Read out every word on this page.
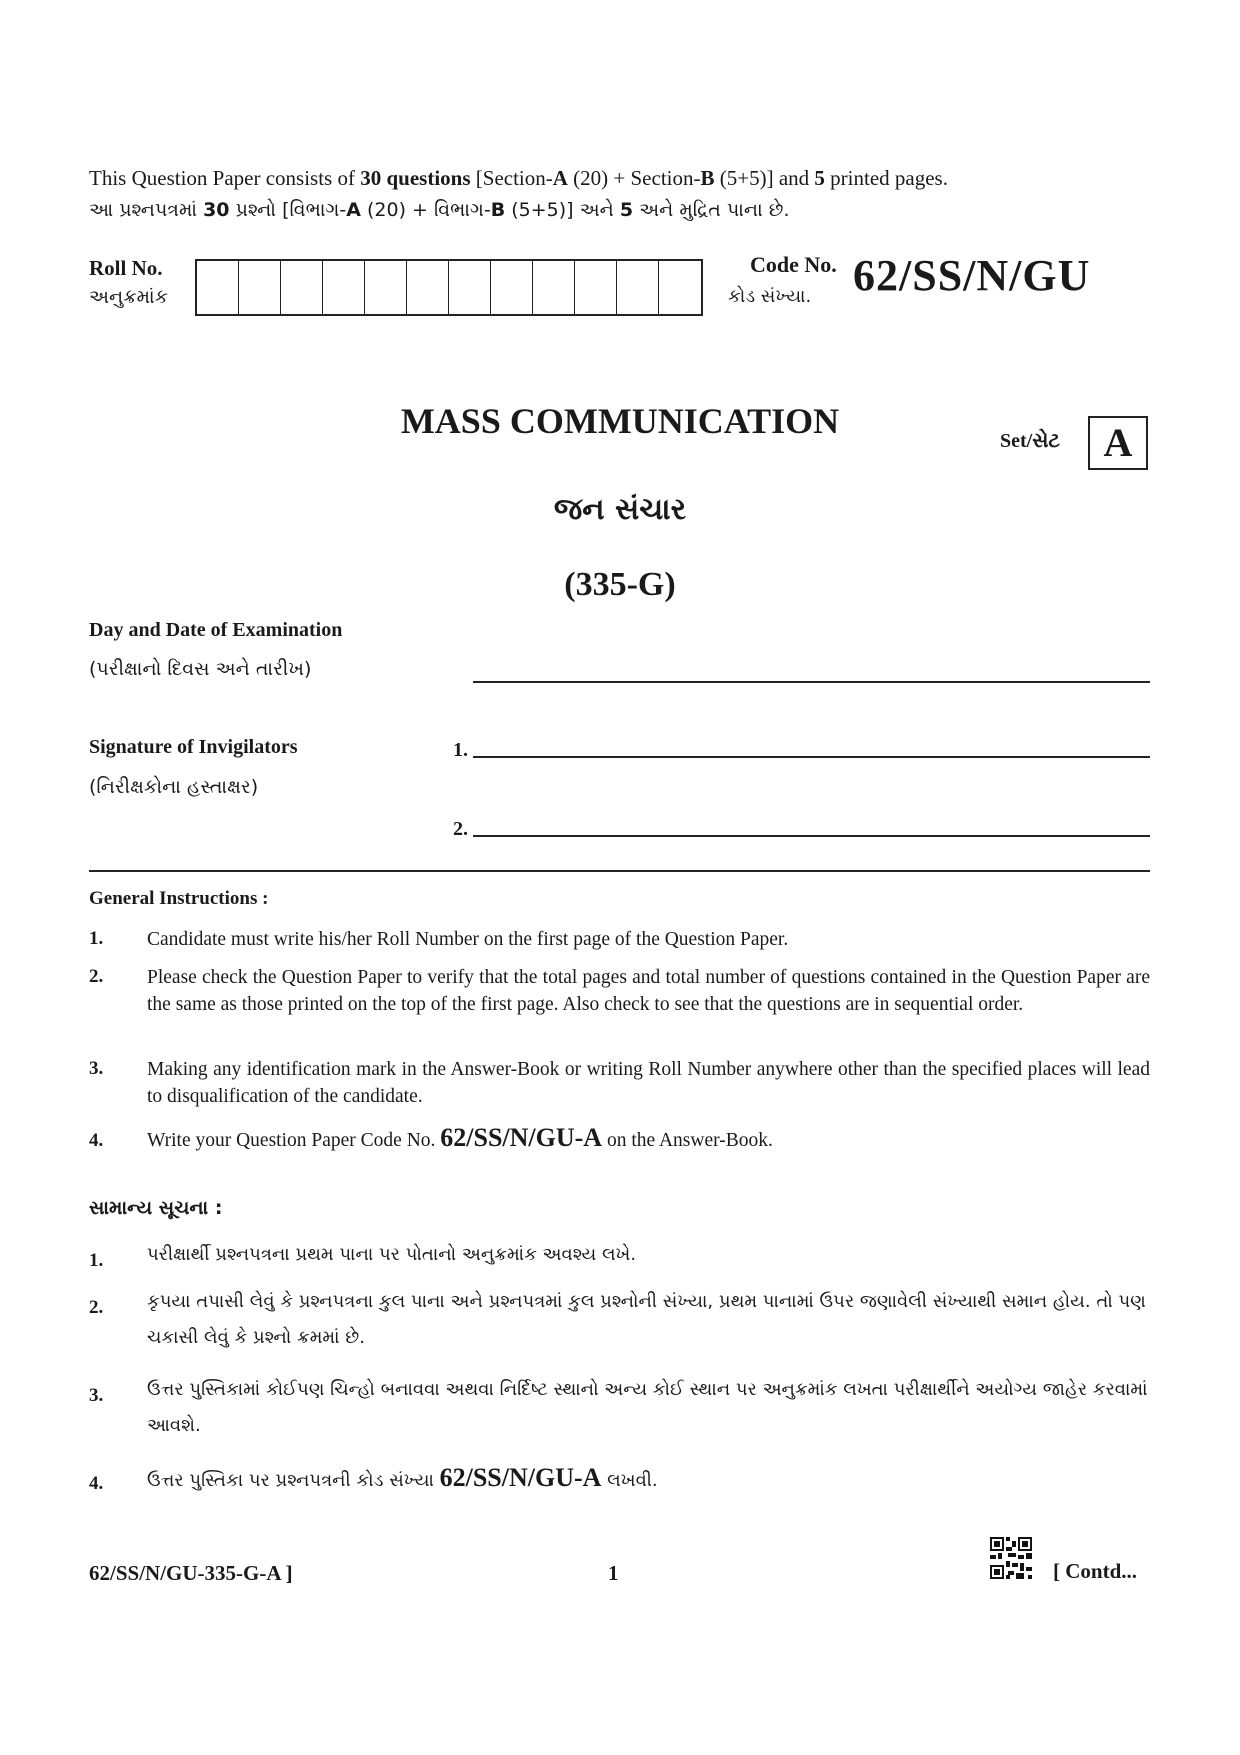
This Question Paper consists of 30 questions [Section-A (20) + Section-B (5+5)] and 5 printed pages.
આ પ્રશ્નપત્રમાં 30 પ્રશ્નો [વિભાગ-A (20) + વિભાગ-B (5+5)] અને 5 અને મુદ્રિત પાના છે.
Roll No.
અનુક્રમાંક
Code No.
કોડ સંખ્યા. 62/SS/N/GU
MASS COMMUNICATION
જન સંચાર
(335-G)
Set/સેટ	A
Day and Date of Examination
(પરીક્ષાનો દિવસ અને તારીખ)
Signature of Invigilators
(નિરીક્ષકોના હસ્તાક્ષર)
1.
2.
General Instructions :
1. Candidate must write his/her Roll Number on the first page of the Question Paper.
2. Please check the Question Paper to verify that the total pages and total number of questions contained in the Question Paper are the same as those printed on the top of the first page. Also check to see that the questions are in sequential order.
3. Making any identification mark in the Answer-Book or writing Roll Number anywhere other than the specified places will lead to disqualification of the candidate.
4. Write your Question Paper Code No. 62/SS/N/GU-A on the Answer-Book.
સામાન્ય સૂચના :
1. પરીક્ષાર્થી પ્રશ્નપત્રના પ્રથમ પાના પર પોતાનો અનુક્રમાંક અવશ્ય લખે.
2. કૃપયા તપાસી લેવું કે પ્રશ્નપત્રના કુલ પાના અને પ્રશ્નપત્રમાં કુલ પ્રશ્નોની સંખ્યા, પ્રથમ પાનામાં ઉપર જણાવેલી સંખ્યાથી સમાન હોય. તો પણ ચકાસી લેવું કે પ્રશ્નો ક્રમમાં છે.
3. ઉત્તર પુસ્તિકામાં કોઈપણ ચિન્હો બનાવવા અથવા નિર્દિષ્ટ સ્થાનો અન્ય કોઈ સ્થાન પર અનુક્રમાંક લખતા પરીક્ષાર્થીને અયોગ્ય જાહેર કરવામાં આવશે.
4. ઉત્તર પુસ્તિકા પર પ્રશ્નપત્રની કોડ સંખ્યા 62/SS/N/GU-A લખવી.
62/SS/N/GU-335-G-A ]	1	[ Contd...
